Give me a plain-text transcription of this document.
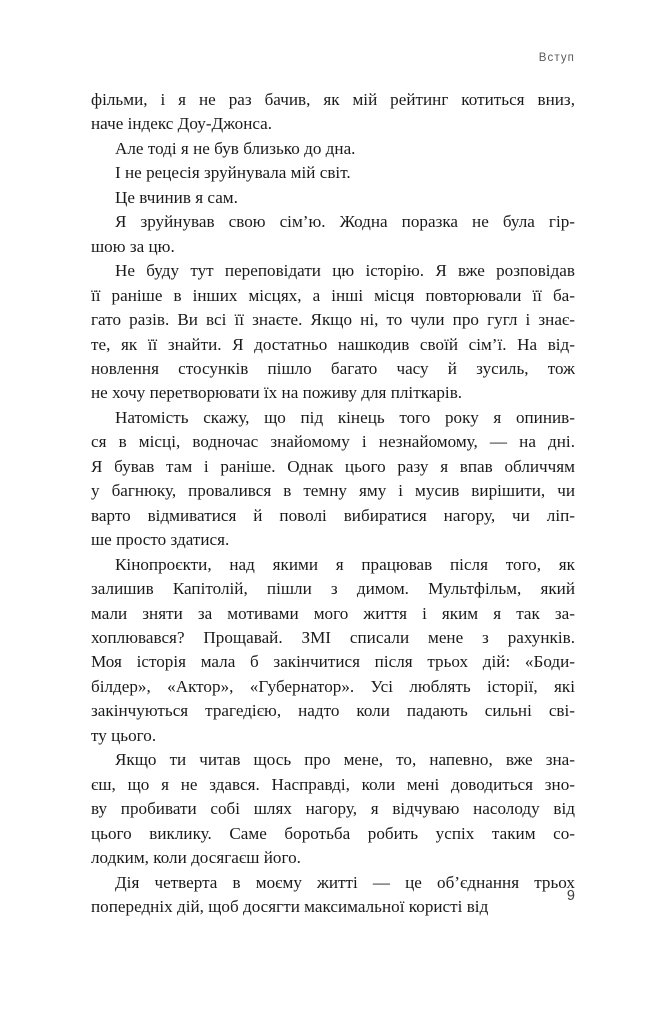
Вступ

фільми, і я не раз бачив, як мій рейтинг котиться вниз,
наче індекс Доу-Джонса.

Але тоді я не був близько до дна.

І не рецесія зруйнувала мій світ.

Це вчинив я сам.

Я зруйнував свою сім’ю. Жодна поразка не була гір-
шою за цю.

Не буду тут переповідати цю історію. Я вже розповідав
її раніше в інших місцях, а інші місця повторювали її ба-
гато разів. Ви всі її знаєте. Якщо ні, то чули про гугл і знає-
те, як її знайти. Я достатньо нашкодив своїй сім’ї. На від-
новлення стосунків пішло багато часу й зусиль, тож
не хочу перетворювати їх на поживу для пліткарів.

Натомість скажу, що під кінець того року я опинив-
ся в місці, водночас знайомому і незнайомому, — на дні.
Я бував там і раніше. Однак цього разу я впав обличчям
у багнюку, провалився в темну яму і мусив вирішити, чи
варто відмиватися й поволі вибиратися нагору, чи ліп-
ше просто здатися.

Кінопроєкти, над якими я працював після того, як
залишив Капітолій, пішли з димом. Мультфільм, який
мали зняти за мотивами мого життя і яким я так за-
хоплювався? Прощавай. ЗМІ списали мене з рахунків.
Моя історія мала б закінчитися після трьох дій: «Боди-
білдер», «Актор», «Губернатор». Усі люблять історії, які
закінчуються трагедією, надто коли падають сильні сві-
ту цього.

Якщо ти читав щось про мене, то, напевно, вже зна-
єш, що я не здався. Насправді, коли мені доводиться зно-
ву пробивати собі шлях нагору, я відчуваю насолоду від
цього виклику. Саме боротьба робить успіх таким со-
лодким, коли досягаєш його.

Дія четверта в моєму житті — це об’єднання трьох
попередніх дій, щоб досягти максимальної користі від

9
